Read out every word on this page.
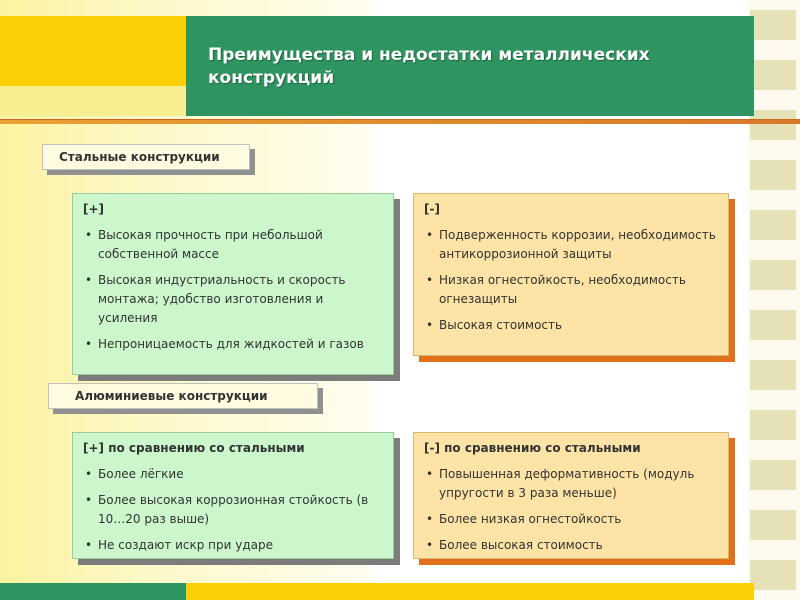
Преимущества и недостатки металлических конструкций
Стальные конструкции
[+]
• Высокая прочность при небольшой собственной массе
• Высокая индустриальность и скорость монтажа; удобство изготовления и усиления
• Непроницаемость для жидкостей и газов
[-]
• Подверженность коррозии, необходимость антикоррозионной защиты
• Низкая огнестойкость, необходимость огнезащиты
• Высокая стоимость
Алюминиевые конструкции
[+] по сравнению со стальными
• Более лёгкие
• Более высокая коррозионная стойкость (в 10…20 раз выше)
• Не создают искр при ударе
[-] по сравнению со стальными
• Повышенная деформативность (модуль упругости в 3 раза меньше)
• Более низкая огнестойкость
• Более высокая стоимость
